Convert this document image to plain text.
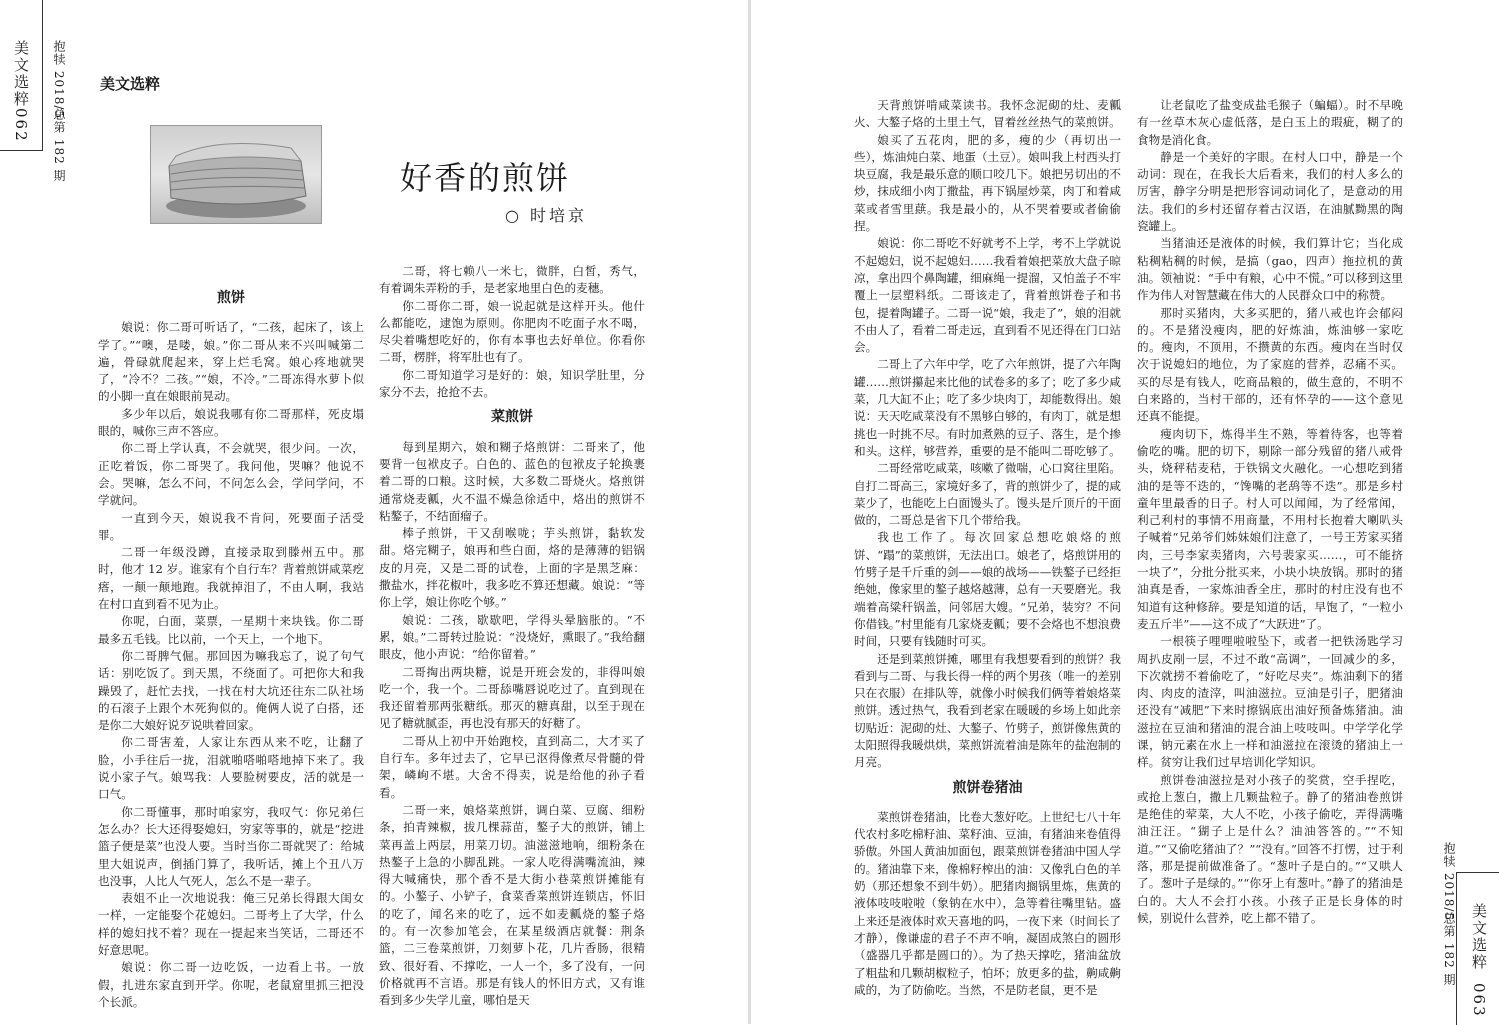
美文选粹
062
抱犊 2018/5
总第 182 期
美文选粹
063
抱犊 2018/5
总第 182 期
美文选粹
好香的煎饼
○ 时培京
煎饼

娘说：你二哥可听话了，“二孩，起床了，该上学了。”“噢，是喽，娘。”你二哥从来不兴叫喊第二遍，骨碌就爬起来，穿上烂毛窝。娘心疼地就哭了，“冷不？二孩。”“娘，不冷。”二哥冻得水萝卜似的小脚一直在娘眼前晃动。

多少年以后，娘说我哪有你二哥那样，死皮塌眼的，喊你三声不答应。

你二哥上学认真，不会就哭，很少问。一次，正吃着饭，你二哥哭了。我问他，哭嘛？他说不会。哭嘛，怎么不问，不问怎么会，学问学问，不学就问。

一直到今天，娘说我不肯问，死要面子活受罪。

二哥一年级没蹲，直接录取到滕州五中。那时，他才 12 岁。谁家有个自行车？背着煎饼咸菜疙瘩，一颠一颠地跑。我就掉泪了，不由人啊，我站在村口直到看不见为止。

你呢，白面，菜票，一星期十来块钱。你二哥最多五毛钱。比以前，一个天上，一个地下。

你二哥脾气倔。那回因为嘛我忘了，说了句气话：别吃饭了。到天黑，不绕面了。可把你大和我躁毁了，赶忙去找，一找在村大坑还往东二队社场的石滚子上跟个木死狗似的。俺俩人说了白搭，还是你二大娘好说歹说哄着回家。

你二哥害羞，人家让东西从来不吃，让翻了脸，小手往后一拢，泪就啪嗒啪嗒地掉下来了。我说小家子气。娘骂我：人要脸树要皮，活的就是一口气。

你二哥懂事，那时咱家穷，我叹气：你兄弟仨怎么办？长大还得娶媳妇，穷家等事的，就是“挖进篮子便是菜”也没人要。当时当你二哥就哭了：给城里大姐说声，倒插门算了，我听话，摊上个丑八万也没事，人比人气死人，怎么不是一辈子。

表姐不止一次地说我：俺三兄弟长得跟大闺女一样，一定能娶个花媳妇。二哥考上了大学，什么样的媳妇找不着？现在一提起来当笑话，二哥还不好意思呢。

娘说：你二哥一边吃饭，一边看上书。一放假，扎进东家直到开学。你呢，老鼠窟里抓三把没个长派。

二哥，将七赖八一米七，微胖，白皙，秀气，有着调朱弄粉的手，是老家地里白色的麦穗。

你二哥你二哥，娘一说起就是这样开头。他什么都能吃，逮饱为原则。你肥肉不吃面子水不喝，尽尖着嘴想吃好的，你有本事也去好单位。你看你二哥，楞胖，将军肚也有了。

你二哥知道学习是好的：娘，知识学肚里，分家分不去，抢抢不去。

菜煎饼

每到星期六，娘和糊子烙煎饼：二哥来了，他要背一包袱皮子。白色的、蓝色的包袱皮子轮换裹着二哥的口粮。这时候，大多数二哥烧火。烙煎饼通常烧麦瓤，火不温不燥急徐适中，烙出的煎饼不粘鏊子，不结面瘤子。

棒子煎饼，干又刮喉咙；芋头煎饼，黏软发甜。烙完糊子，娘再和些白面，烙的是薄薄的铝锅皮的月亮，又是二哥的试卷，上面的字是黑芝麻：撒盐水，拌花椒叶，我多吃不算还想藏。娘说：“等你上学，娘让你吃个够。”

娘说：二孩，歇歇吧，学得头晕脑胀的。“不累，娘。”二哥转过脸说：“没烧好，熏眼了。”我给翻眼皮，他小声说：“给你留着。”

二哥掏出两块糖，说是开班会发的，非得叫娘吃一个，我一个。二哥舔嘴唇说吃过了。直到现在我还留着那两张糖纸。那灭的糖真甜，以至于现在见了糖就腻歪，再也没有那天的好糖了。

二哥从上初中开始跑校，直到高二，大才买了自行车。多年过去了，它早已沤得像煮尽骨髓的骨架，嶙峋不堪。大舍不得卖，说是给他的孙子看看。

二哥一来，娘烙菜煎饼，调白菜、豆腐、细粉条，拍青辣椒，拔几棵蒜苗，鏊子大的煎饼，铺上菜再盖上两层，用菜刀切。油滋滋地响，细粉条在热鏊子上急的小脚乱跳。一家人吃得满嘴流油，辣得大喊痛快，那个香不是大街小巷菜煎饼摊能有的。小鏊子、小铲子，食菜香菜煎饼连锁店，怀旧的吃了，闻名来的吃了，远不如麦瓤烧的鏊子烙的。有一次参加笔会，在某星级酒店就餐：荆条篮，二三卷菜煎饼，刀刻萝卜花，几片香肠，很精致、很好看、不撑吃，一人一个，多了没有，一问价格就再不言语。那是有钱人的怀旧方式，又有谁看到多少失学儿童，哪怕是天

天背煎饼啃咸菜读书。我怀念泥砌的灶、麦瓤火、大鏊子烙的土里土气，冒着丝丝热气的菜煎饼。

娘买了五花肉，肥的多，瘦的少（再切出一些），炼油炖白菜、地蛋（土豆）。娘叫我上村西头打块豆腐，我是最乐意的顺口咬几下。娘把另切出的不炒，抹成细小肉丁撒盐，再下锅屋炒菜，肉丁和着咸菜或者雪里蕻。我是最小的，从不哭着要或者偷偷捏。

娘说：你二哥吃不好就考不上学，考不上学就说不起媳妇，说不起媳妇……我看着娘把菜放大盘子晾凉，拿出四个鼻陶罐，细麻绳一提溜，又怕盖子不牢覆上一层塑料纸。二哥该走了，背着煎饼卷子和书包，提着陶罐子。二哥一说“娘，我走了”，娘的泪就不由人了，看着二哥走远，直到看不见还得在门口站会。

二哥上了六年中学，吃了六年煎饼，提了六年陶罐……煎饼攥起来比他的试卷多的多了；吃了多少咸菜，几大缸不止；吃了多少块肉丁，却能数得出。娘说：天天吃咸菜没有不黑够白够的，有肉丁，就是想挑也一时挑不尽。有时加煮熟的豆子、落生，是个掺和头。这样，够营养，重要的是不能叫二哥吃够了。

二哥经常吃咸菜，咳嗽了微喘，心口窝往里陷。自打二哥高三，家境好多了，背的煎饼少了，提的咸菜少了，也能吃上白面馒头了。馒头是斤顶斤的干面做的，二哥总是省下几个带给我。

我也工作了。每次回家总想吃娘烙的煎饼、“蹋”的菜煎饼，无法出口。娘老了，烙煎饼用的竹劈子是千斤重的剑——娘的战场——铁鏊子已经拒绝她，像家里的鏊子越烙越薄，总有一天要磨光。我端着高粱秆锅盖，问邻居大嫂。“兄弟，装穷？不问你借钱。”村里能有几家烧麦瓤；要不会烙也不想浪费时间，只要有钱随时可买。

还是到菜煎饼摊，哪里有我想要看到的煎饼？我看到与二哥、与我长得一样的两个男孩（唯一的差别只在衣服）在排队等，就像小时候我们俩等着娘烙菜煎饼。透过热气，我看到老家在暖暖的乡场上如此亲切贴近：泥砌的灶、大鏊子、竹劈子，煎饼像焦黄的太阳照得我暖烘烘，菜煎饼流着油是陈年的盐泡制的月亮。

煎饼卷猪油

菜煎饼卷猪油，比卷大葱好吃。上世纪七八十年代农村多吃棉籽油、菜籽油、豆油，有猪油来卷值得骄傲。外国人黄油加面包，跟菜煎饼卷猪油中国人学的。猪油靠下来，像棉籽榨出的油：又像乳白色的羊奶（那还想象不到牛奶）。肥猪肉搁锅里炼，焦黄的液体吱吱啦啦（象钠在水中），急等着往嘴里钻。盛上来还是液体时欢天喜地的吗，一夜下来（时间长了才静），像谦虚的君子不声不响，凝固成煞白的圆形（盛器几乎都是圆口的）。为了热天撑吃，猪油盆放了粗盐和几颗胡椒粒子，怕坏；放更多的盐，齁咸齁咸的，为了防偷吃。当然，不是防老鼠，更不是

让老鼠吃了盐变成盐毛猴子（蝙蝠）。时不早晚有一丝草木灰心虚低落，是白玉上的瑕疵，糊了的食物是消化食。

静是一个美好的字眼。在村人口中，静是一个动词：现在，在我长大后看来，我们的村人多么的厉害，静字分明是把形容词动词化了，是意动的用法。我们的乡村还留存着古汉语，在油腻黝黑的陶瓷罐上。

当猪油还是液体的时候，我们算计它；当化成粘稠粘稠的时候，是搞（gao，四声）拖拉机的黄油。领袖说：“手中有粮，心中不慌。”可以移到这里作为伟人对智慧藏在伟大的人民群众口中的称赞。

那时买猪肉，大多买肥的，猪八戒也许会郁闷的。不是猪没瘦肉，肥的好炼油，炼油够一家吃的。瘦肉，不顶用，不攒黄的东西。瘦肉在当时仅次于说媳妇的地位，为了家庭的营养，忍痛不买。买的尽是有钱人，吃商品粮的，做生意的，不明不白来路的，当村干部的，还有怀孕的——这个意见还真不能提。

瘦肉切下，炼得半生不熟，等着待客，也等着偷吃的嘴。肥的切下，剔除一部分残留的猪八戒骨头，烧秤秸麦秸，于铁锅文火融化。一心想吃到猪油的是等不迭的，“馋嘴的老鸹等不迭”。那是乡村童年里最香的日子。村人可以闻闻，为了经常闻，利己利村的事情不用商量，不用村长抱着大喇叭头子喊着“兄弟爷们姊妹娘们注意了，一号王芳家买猪肉，三号李家卖猪肉，六号裴家买……，可不能挤一块了”，分批分批买来，小块小块放锅。那时的猪油真是香，一家炼油香全庄，那时的村庄没有也不知道有这种修辞。要是知道的话，早饱了，“一粒小麦五斤半”——这不成了“大跃进”了。

一根筷子哩哩啦啦坠下，或者一把铁汤匙学习周扒皮剐一层，不过不敢“高调”，一回减少的多，下次就捞不着偷吃了，“好吃尽夹”。炼油剩下的猪肉、肉皮的渣滓，叫油滋拉。豆油是引子，肥猪油还没有“减肥”下来时擦锅底出油好预备炼猪油。油滋拉在豆油和猪油的混合油上吱吱叫。中学学化学课，钠元素在水上一样和油滋拉在滚烫的猪油上一样。贫穷让我们过早培训化学知识。

煎饼卷油滋拉是对小孩子的奖赏，空手捏吃，或抢上葱白，撒上几颗盐粒子。静了的猪油卷煎饼是绝佳的荤菜，大人不吃，小孩子偷吃，弄得满嘴油汪汪。“猢子上是什么？油油答答的。”“不知道。”“又偷吃猪油了？”“没有。”回答不打愣，过于利落，那是提前做准备了。“葱叶子是白的。”“又哄人了。葱叶子是绿的。”“你牙上有葱叶。”静了的猪油是白的。大人不会打小孩。小孩子正是长身体的时候，别说什么营养，吃上都不错了。
